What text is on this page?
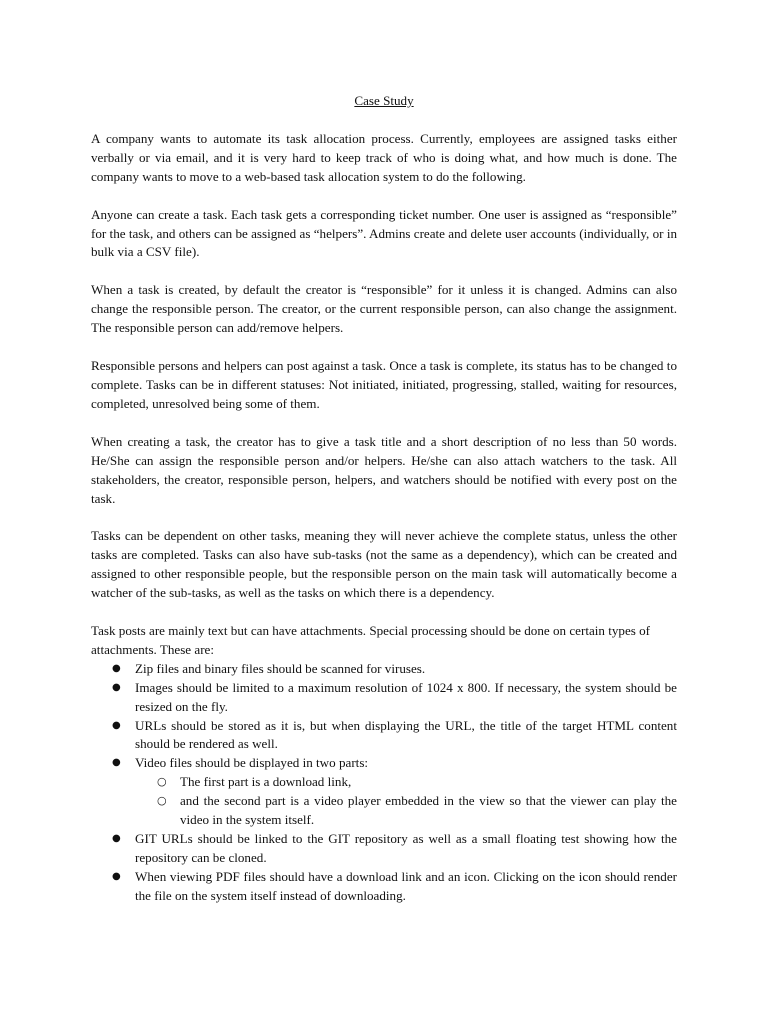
Case Study

A company wants to automate its task allocation process. Currently, employees are assigned tasks either verbally or via email, and it is very hard to keep track of who is doing what, and how much is done. The company wants to move to a web-based task allocation system to do the following.

Anyone can create a task. Each task gets a corresponding ticket number. One user is assigned as “responsible” for the task, and others can be assigned as “helpers”. Admins create and delete user accounts (individually, or in bulk via a CSV file).

When a task is created, by default the creator is “responsible” for it unless it is changed. Admins can also change the responsible person. The creator, or the current responsible person, can also change the assignment. The responsible person can add/remove helpers.

Responsible persons and helpers can post against a task. Once a task is complete, its status has to be changed to complete. Tasks can be in different statuses: Not initiated, initiated, progressing, stalled, waiting for resources, completed, unresolved being some of them.

When creating a task, the creator has to give a task title and a short description of no less than 50 words. He/She can assign the responsible person and/or helpers. He/she can also attach watchers to the task. All stakeholders, the creator, responsible person, helpers, and watchers should be notified with every post on the task.

Tasks can be dependent on other tasks, meaning they will never achieve the complete status, unless the other tasks are completed. Tasks can also have sub-tasks (not the same as a dependency), which can be created and assigned to other responsible people, but the responsible person on the main task will automatically become a watcher of the sub-tasks, as well as the tasks on which there is a dependency.

Task posts are mainly text but can have attachments. Special processing should be done on certain types of attachments. These are:

● Zip files and binary files should be scanned for viruses.
● Images should be limited to a maximum resolution of 1024 x 800. If necessary, the system should be resized on the fly.
● URLs should be stored as it is, but when displaying the URL, the title of the target HTML content should be rendered as well.
● Video files should be displayed in two parts:
○ The first part is a download link,
○ and the second part is a video player embedded in the view so that the viewer can play the video in the system itself.
● GIT URLs should be linked to the GIT repository as well as a small floating test showing how the repository can be cloned.
● When viewing PDF files should have a download link and an icon. Clicking on the icon should render the file on the system itself instead of downloading.
